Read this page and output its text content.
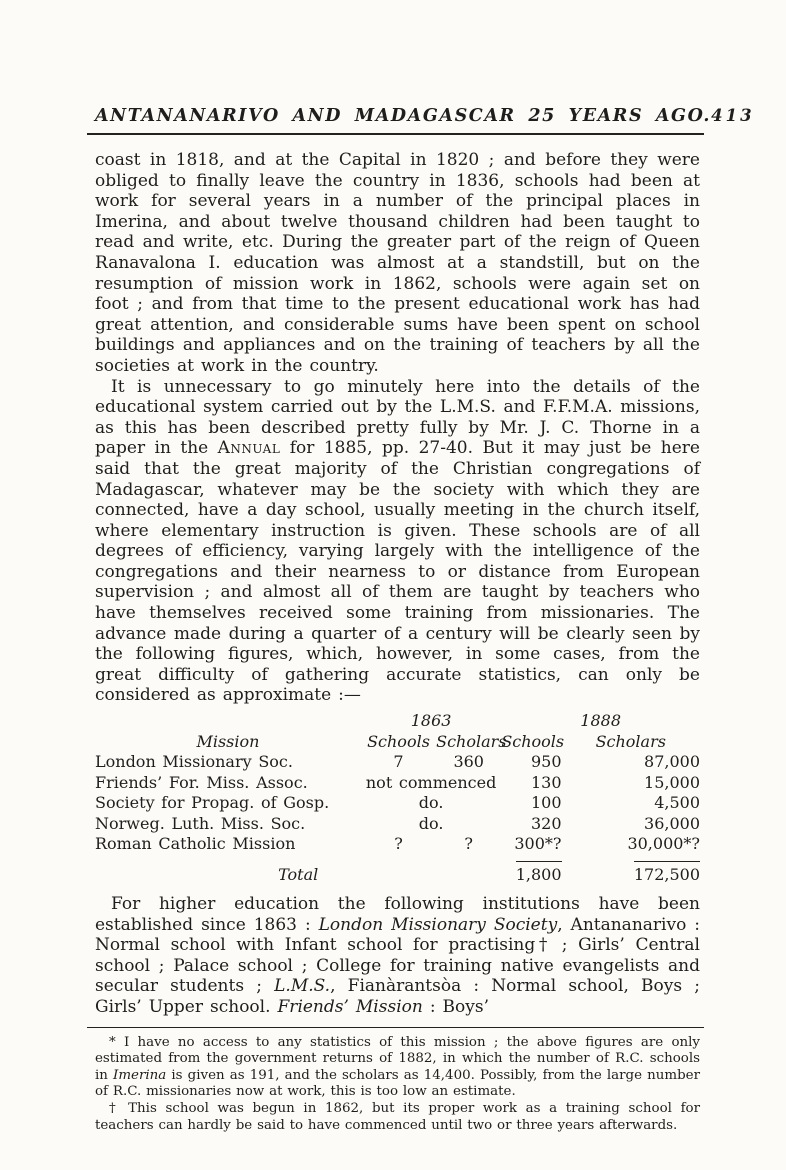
ANTANANARIVO AND MADAGASCAR 25 YEARS AGO. 413

coast in 1818, and at the Capital in 1820 ; and before they were obliged to finally leave the country in 1836, schools had been at work for several years in a number of the principal places in Imerina, and about twelve thousand children had been taught to read and write, etc. During the greater part of the reign of Queen Ranavalona I. education was almost at a standstill, but on the resumption of mission work in 1862, schools were again set on foot ; and from that time to the present educational work has had great attention, and considerable sums have been spent on school buildings and appliances and on the training of teachers by all the societies at work in the country.

It is unnecessary to go minutely here into the details of the educational system carried out by the L.M.S. and F.F.M.A. missions, as this has been described pretty fully by Mr. J. C. Thorne in a paper in the Annual for 1885, pp. 27-40. But it may just be here said that the great majority of the Christian congregations of Madagascar, whatever may be the society with which they are connected, have a day school, usually meeting in the church itself, where elementary instruction is given. These schools are of all degrees of efficiency, varying largely with the intelligence of the congregations and their nearness to or distance from European supervision ; and almost all of them are taught by teachers who have themselves received some training from missionaries. The advance made during a quarter of a century will be clearly seen by the following figures, which, however, in some cases, from the great difficulty of gathering accurate statistics, can only be considered as approximate :—

	1863		1888	
Mission	Schools	Scholars	Schools	Scholars
London Missionary Soc.	7	360	950	87,000
Friends’ For. Miss. Assoc.	not commenced		130	15,000
Society for Propag. of Gosp.	do.		100	4,500
Norweg. Luth. Miss. Soc.	do.		320	36,000
Roman Catholic Mission	?	?	300*?	30,000*?
Total			1,800	172,500

For higher education the following institutions have been established since 1863 : London Missionary Society, Antananarivo : Normal school with Infant school for practising† ; Girls’ Central school ; Palace school ; College for training native evangelists and secular students ; L.M.S., Fianàrantsòa : Normal school, Boys ; Girls’ Upper school. Friends’ Mission : Boys’

* I have no access to any statistics of this mission ; the above figures are only estimated from the government returns of 1882, in which the number of R.C. schools in Imerina is given as 191, and the scholars as 14,400. Possibly, from the large number of R.C. missionaries now at work, this is too low an estimate.

† This school was begun in 1862, but its proper work as a training school for teachers can hardly be said to have commenced until two or three years afterwards.
